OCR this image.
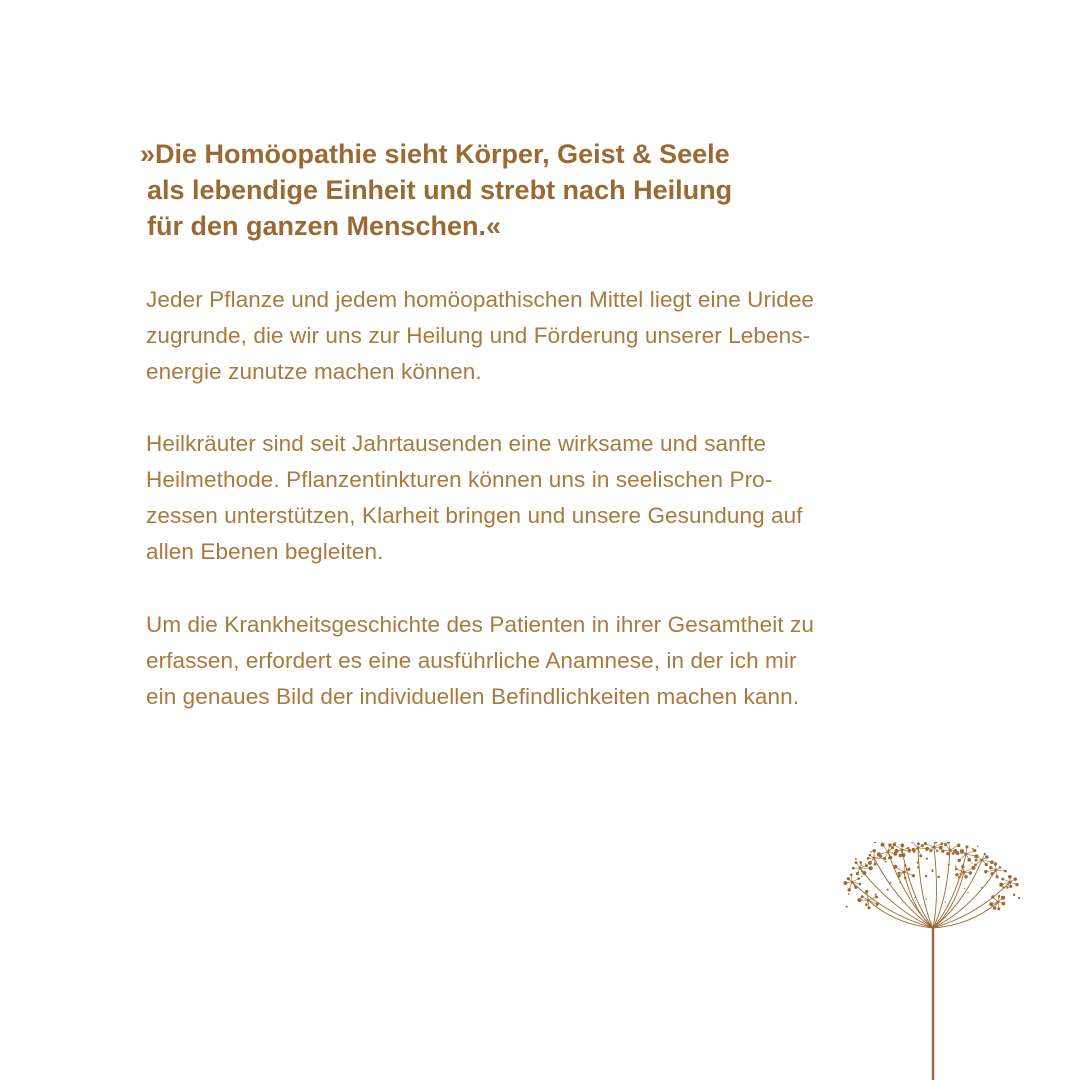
»Die Homöopathie sieht Körper, Geist & Seele
als lebendige Einheit und strebt nach Heilung
für den ganzen Menschen.«

Jeder Pflanze und jedem homöopathischen Mittel liegt eine Uridee
zugrunde, die wir uns zur Heilung und Förderung unserer Lebens-
energie zunutze machen können.

Heilkräuter sind seit Jahrtausenden eine wirksame und sanfte
Heilmethode. Pflanzentinkturen können uns in seelischen Pro-
zessen unterstützen, Klarheit bringen und unsere Gesundung auf
allen Ebenen begleiten.

Um die Krankheitsgeschichte des Patienten in ihrer Gesamtheit zu
erfassen, erfordert es eine ausführliche Anamnese, in der ich mir
ein genaues Bild der individuellen Befindlichkeiten machen kann.
